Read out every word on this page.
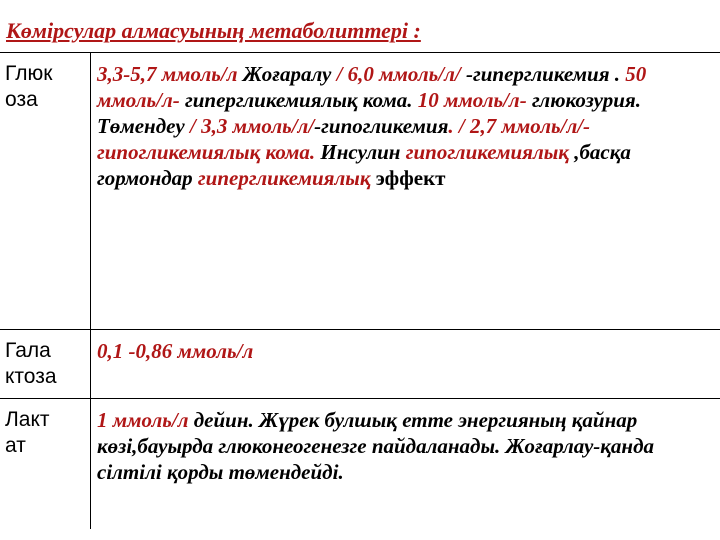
Көмірсулар алмасуының метаболиттері :
Глюк
оза	3,3-5,7 ммоль/л Жоғаралу / 6,0 ммоль/л/ -гипергликемия . 50 ммоль/л- гипергликемиялық кома. 10 ммоль/л- глюкозурия. Төмендеу / 3,3 ммоль/л/-гипогликемия. / 2,7 ммоль/л/-гипогликемиялық кома. Инсулин гипогликемиялық ,басқа гормондар гипергликемиялық эффект

Гала
ктоза	0,1 -0,86 ммоль/л

Лакт
ат	1 ммоль/л дейин. Жүрек булшық етте энергияның қайнар көзі,бауырда глюконеогенезге пайдаланады. Жоғарлау-қанда сілтілі қорды төмендейді.
